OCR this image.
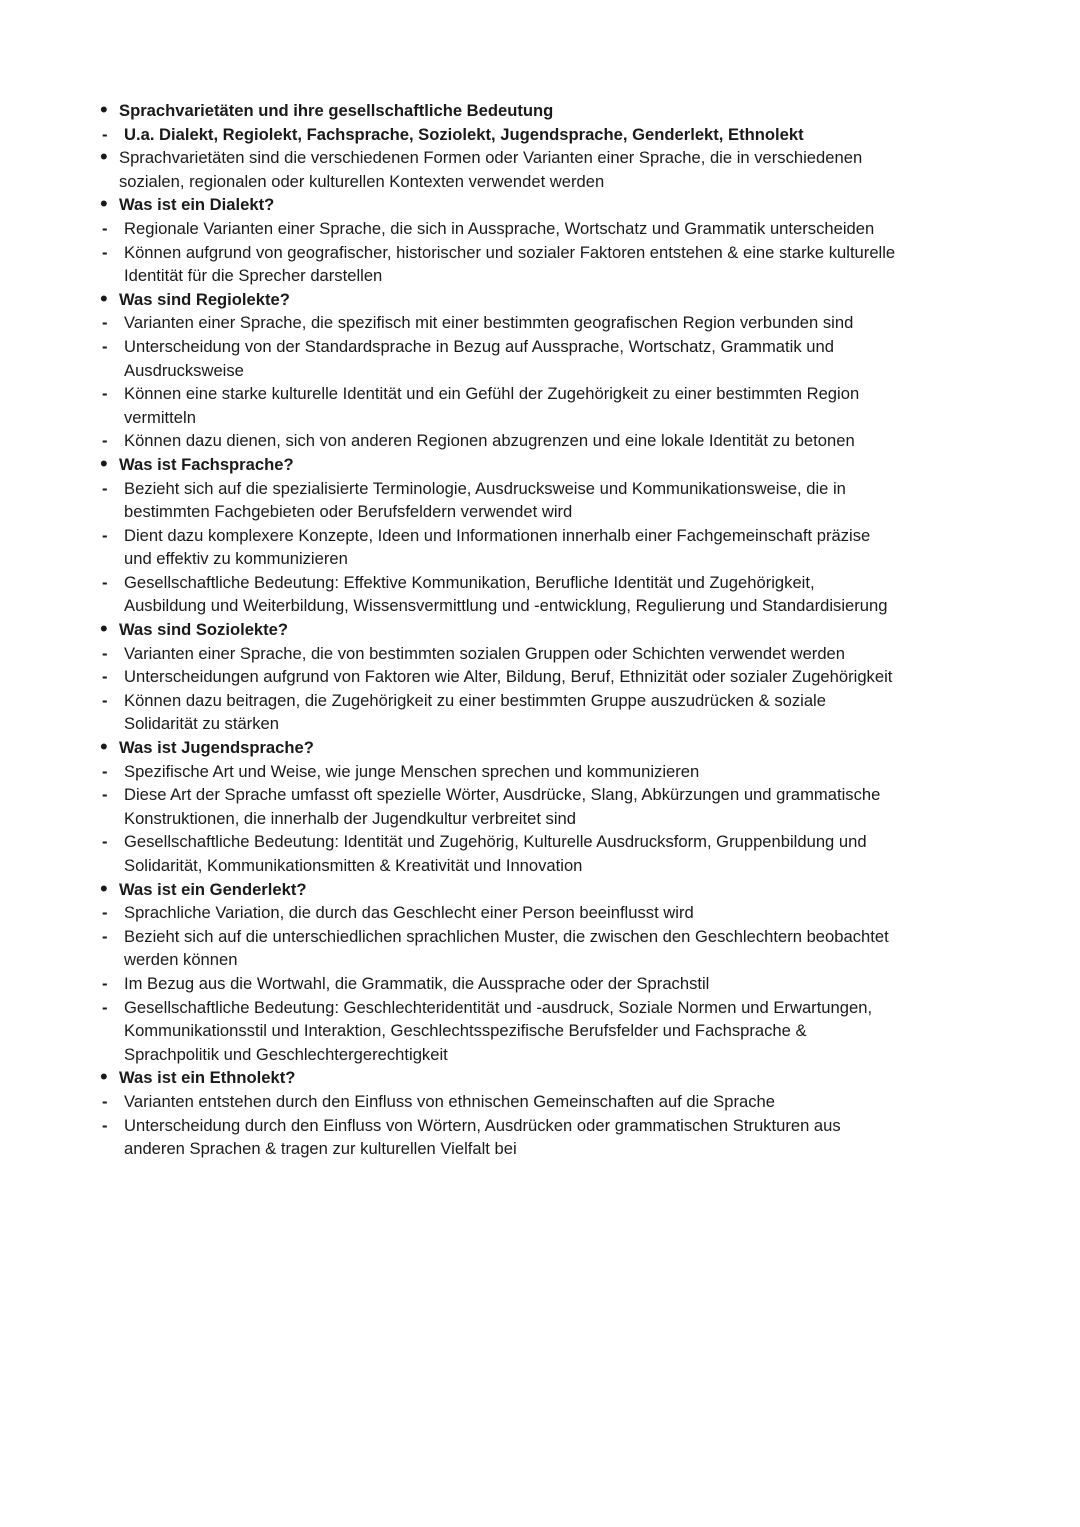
• Sprachvarietäten und ihre gesellschaftliche Bedeutung
- U.a. Dialekt, Regiolekt, Fachsprache, Soziolekt, Jugendsprache, Genderlekt, Ethnolekt
• Sprachvarietäten sind die verschiedenen Formen oder Varianten einer Sprache, die in verschiedenen
sozialen, regionalen oder kulturellen Kontexten verwendet werden
• Was ist ein Dialekt?
- Regionale Varianten einer Sprache, die sich in Aussprache, Wortschatz und Grammatik unterscheiden
- Können aufgrund von geografischer, historischer und sozialer Faktoren entstehen & eine starke kulturelle
Identität für die Sprecher darstellen
• Was sind Regiolekte?
- Varianten einer Sprache, die spezifisch mit einer bestimmten geografischen Region verbunden sind
- Unterscheidung von der Standardsprache in Bezug auf Aussprache, Wortschatz, Grammatik und
Ausdrucksweise
- Können eine starke kulturelle Identität und ein Gefühl der Zugehörigkeit zu einer bestimmten Region
vermitteln
- Können dazu dienen, sich von anderen Regionen abzugrenzen und eine lokale Identität zu betonen
• Was ist Fachsprache?
- Bezieht sich auf die spezialisierte Terminologie, Ausdrucksweise und Kommunikationsweise, die in
bestimmten Fachgebieten oder Berufsfeldern verwendet wird
- Dient dazu komplexere Konzepte, Ideen und Informationen innerhalb einer Fachgemeinschaft präzise
und effektiv zu kommunizieren
- Gesellschaftliche Bedeutung: Effektive Kommunikation, Berufliche Identität und Zugehörigkeit,
Ausbildung und Weiterbildung, Wissensvermittlung und -entwicklung, Regulierung und Standardisierung
• Was sind Soziolekte?
- Varianten einer Sprache, die von bestimmten sozialen Gruppen oder Schichten verwendet werden
- Unterscheidungen aufgrund von Faktoren wie Alter, Bildung, Beruf, Ethnizität oder sozialer Zugehörigkeit
- Können dazu beitragen, die Zugehörigkeit zu einer bestimmten Gruppe auszudrücken & soziale
Solidarität zu stärken
• Was ist Jugendsprache?
- Spezifische Art und Weise, wie junge Menschen sprechen und kommunizieren
- Diese Art der Sprache umfasst oft spezielle Wörter, Ausdrücke, Slang, Abkürzungen und grammatische
Konstruktionen, die innerhalb der Jugendkultur verbreitet sind
- Gesellschaftliche Bedeutung: Identität und Zugehörig, Kulturelle Ausdrucksform, Gruppenbildung und
Solidarität, Kommunikationsmitten & Kreativität und Innovation
• Was ist ein Genderlekt?
- Sprachliche Variation, die durch das Geschlecht einer Person beeinflusst wird
- Bezieht sich auf die unterschiedlichen sprachlichen Muster, die zwischen den Geschlechtern beobachtet
werden können
- Im Bezug aus die Wortwahl, die Grammatik, die Aussprache oder der Sprachstil
- Gesellschaftliche Bedeutung: Geschlechteridentität und -ausdruck, Soziale Normen und Erwartungen,
Kommunikationsstil und Interaktion, Geschlechtsspezifische Berufsfelder und Fachsprache &
Sprachpolitik und Geschlechtergerechtigkeit
• Was ist ein Ethnolekt?
- Varianten entstehen durch den Einfluss von ethnischen Gemeinschaften auf die Sprache
- Unterscheidung durch den Einfluss von Wörtern, Ausdrücken oder grammatischen Strukturen aus
anderen Sprachen & tragen zur kulturellen Vielfalt bei
